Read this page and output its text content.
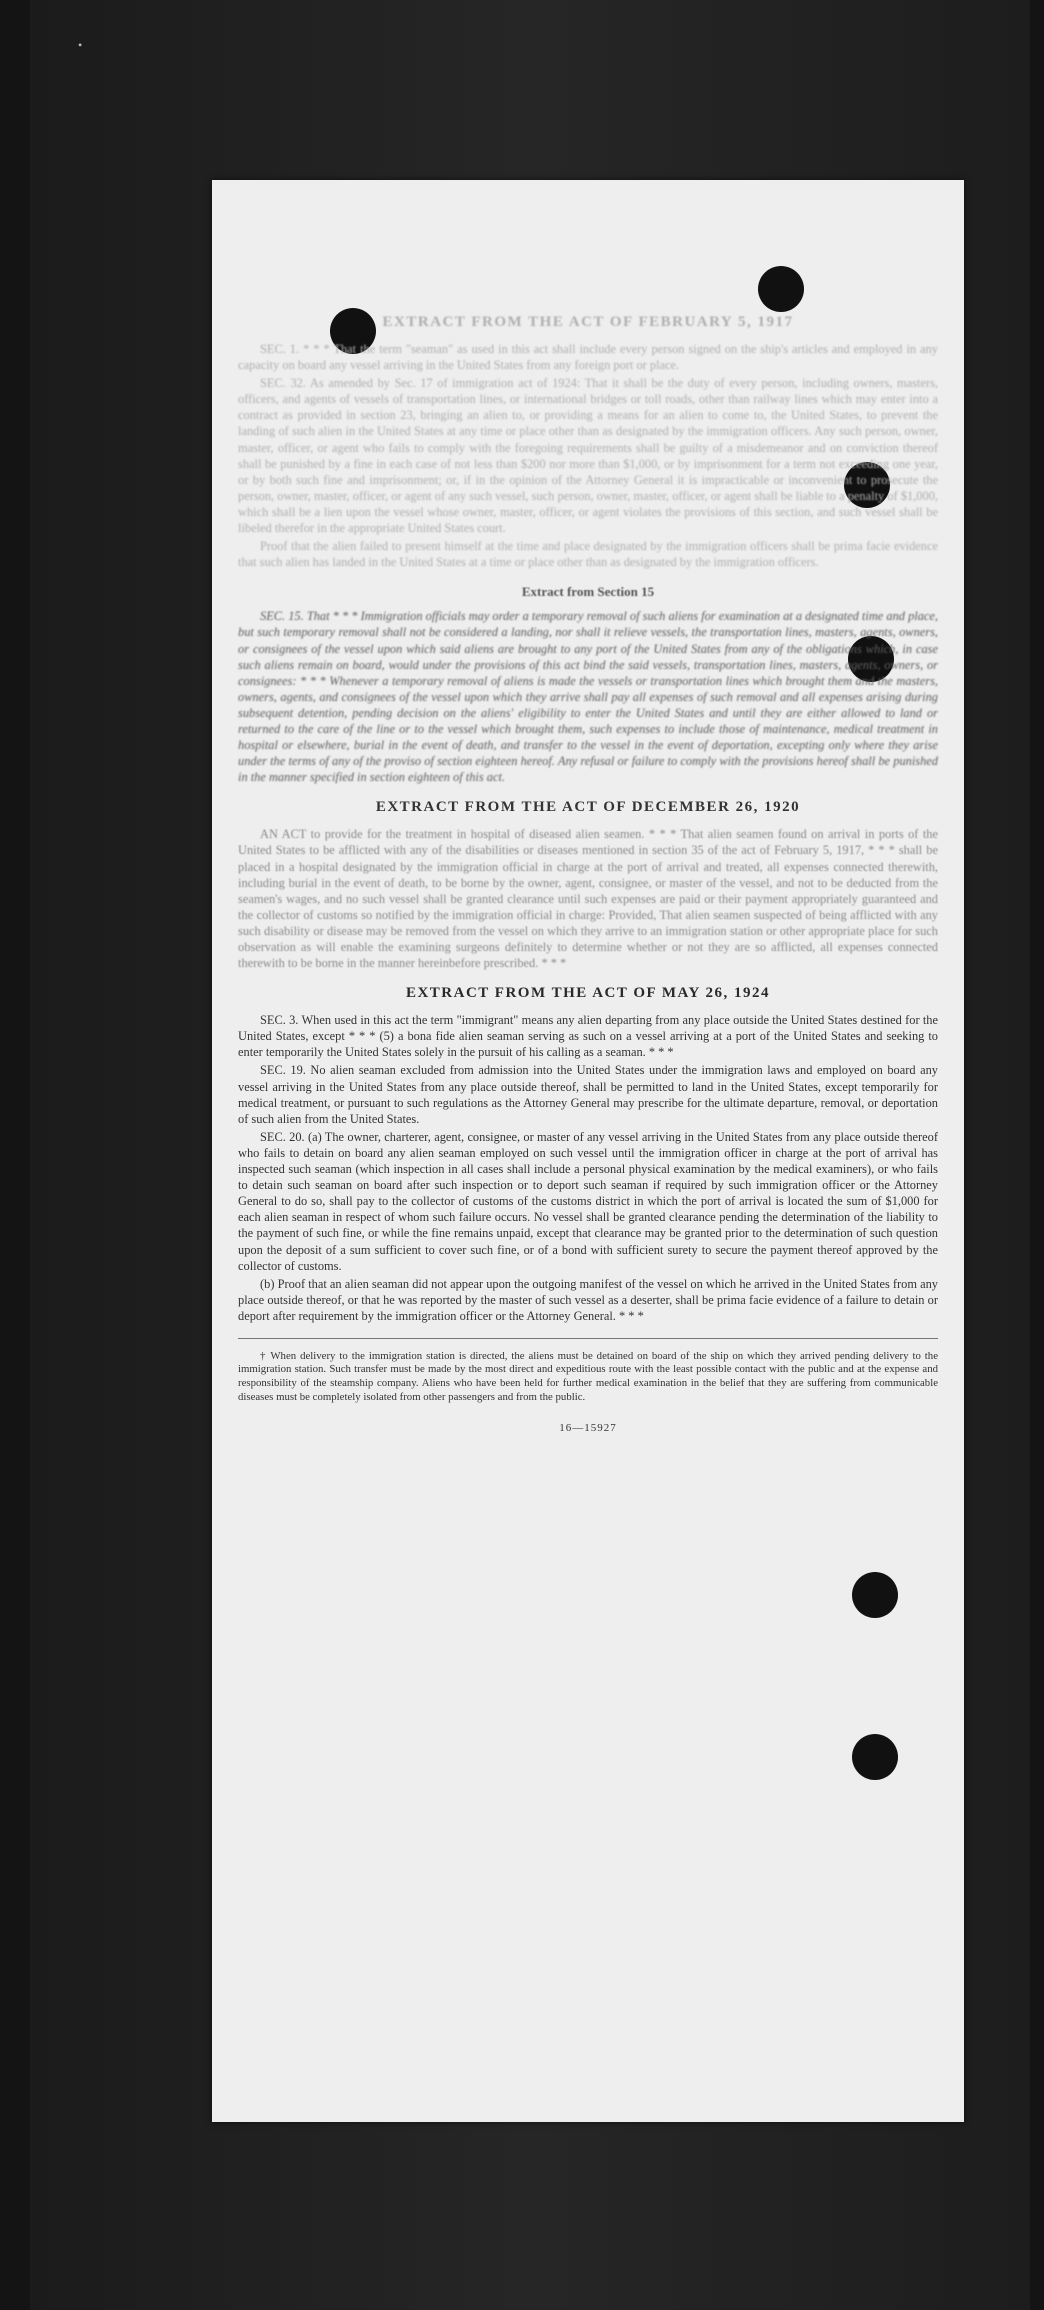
•
EXTRACT FROM THE ACT OF FEBRUARY 5, 1917

SEC. 1. * * * That the term "seaman" as used in this act shall include every person signed on the ship's articles and employed in any capacity on board any vessel arriving in the United States from any foreign port or place.

SEC. 32. As amended by Sec. 17 of immigration act of 1924: That it shall be the duty of every person, including owners, masters, officers, and agents of vessels of transportation lines, or international bridges or toll roads, other than railway lines which may enter into a contract as provided in section 23, bringing an alien to, or providing a means for an alien to come to, the United States, to prevent the landing of such alien in the United States at any time or place other than as designated by the immigration officers. Any such person, owner, master, officer, or agent who fails to comply with the foregoing requirements shall be guilty of a misdemeanor and on conviction thereof shall be punished by a fine in each case of not less than $200 nor more than $1,000, or by imprisonment for a term not exceeding one year, or by both such fine and imprisonment; or, if in the opinion of the Attorney General it is impracticable or inconvenient to prosecute the person, owner, master, officer, or agent of any such vessel, such person, owner, master, officer, or agent shall be liable to a penalty of $1,000, which shall be a lien upon the vessel whose owner, master, officer, or agent violates the provisions of this section, and such vessel shall be libeled therefor in the appropriate United States court.

Proof that the alien failed to present himself at the time and place designated by the immigration officers shall be prima facie evidence that such alien has landed in the United States at a time or place other than as designated by the immigration officers.

Extract from Section 15

SEC. 15. That * * * Immigration officials may order a temporary removal of such aliens for examination at a designated time and place, but such temporary removal shall not be considered a landing, nor shall it relieve vessels, the transportation lines, masters, agents, owners, or consignees of the vessel upon which said aliens are brought to any port of the United States from any of the obligations which, in case such aliens remain on board, would under the provisions of this act bind the said vessels, transportation lines, masters, agents, owners, or consignees: * * * Whenever a temporary removal of aliens is made the vessels or transportation lines which brought them and the masters, owners, agents, and consignees of the vessel upon which they arrive shall pay all expenses of such removal and all expenses arising during subsequent detention, pending decision on the aliens' eligibility to enter the United States and until they are either allowed to land or returned to the care of the line or to the vessel which brought them, such expenses to include those of maintenance, medical treatment in hospital or elsewhere, burial in the event of death, and transfer to the vessel in the event of deportation, excepting only where they arise under the terms of any of the proviso of section eighteen hereof. Any refusal or failure to comply with the provisions hereof shall be punished in the manner specified in section eighteen of this act.

EXTRACT FROM THE ACT OF DECEMBER 26, 1920

AN ACT to provide for the treatment in hospital of diseased alien seamen. * * * That alien seamen found on arrival in ports of the United States to be afflicted with any of the disabilities or diseases mentioned in section 35 of the act of February 5, 1917, * * * shall be placed in a hospital designated by the immigration official in charge at the port of arrival and treated, all expenses connected therewith, including burial in the event of death, to be borne by the owner, agent, consignee, or master of the vessel, and not to be deducted from the seamen's wages, and no such vessel shall be granted clearance until such expenses are paid or their payment appropriately guaranteed and the collector of customs so notified by the immigration official in charge: Provided, That alien seamen suspected of being afflicted with any such disability or disease may be removed from the vessel on which they arrive to an immigration station or other appropriate place for such observation as will enable the examining surgeons definitely to determine whether or not they are so afflicted, all expenses connected therewith to be borne in the manner hereinbefore prescribed. * * *

EXTRACT FROM THE ACT OF MAY 26, 1924

SEC. 3. When used in this act the term "immigrant" means any alien departing from any place outside the United States destined for the United States, except * * * (5) a bona fide alien seaman serving as such on a vessel arriving at a port of the United States and seeking to enter temporarily the United States solely in the pursuit of his calling as a seaman. * * *

SEC. 19. No alien seaman excluded from admission into the United States under the immigration laws and employed on board any vessel arriving in the United States from any place outside thereof, shall be permitted to land in the United States, except temporarily for medical treatment, or pursuant to such regulations as the Attorney General may prescribe for the ultimate departure, removal, or deportation of such alien from the United States.

SEC. 20. (a) The owner, charterer, agent, consignee, or master of any vessel arriving in the United States from any place outside thereof who fails to detain on board any alien seaman employed on such vessel until the immigration officer in charge at the port of arrival has inspected such seaman (which inspection in all cases shall include a personal physical examination by the medical examiners), or who fails to detain such seaman on board after such inspection or to deport such seaman if required by such immigration officer or the Attorney General to do so, shall pay to the collector of customs of the customs district in which the port of arrival is located the sum of $1,000 for each alien seaman in respect of whom such failure occurs. No vessel shall be granted clearance pending the determination of the liability to the payment of such fine, or while the fine remains unpaid, except that clearance may be granted prior to the determination of such question upon the deposit of a sum sufficient to cover such fine, or of a bond with sufficient surety to secure the payment thereof approved by the collector of customs.

(b) Proof that an alien seaman did not appear upon the outgoing manifest of the vessel on which he arrived in the United States from any place outside thereof, or that he was reported by the master of such vessel as a deserter, shall be prima facie evidence of a failure to detain or deport after requirement by the immigration officer or the Attorney General. * * *

† When delivery to the immigration station is directed, the aliens must be detained on board of the ship on which they arrived pending delivery to the immigration station. Such transfer must be made by the most direct and expeditious route with the least possible contact with the public and at the expense and responsibility of the steamship company. Aliens who have been held for further medical examination in the belief that they are suffering from communicable diseases must be completely isolated from other passengers and from the public.

16—15927
